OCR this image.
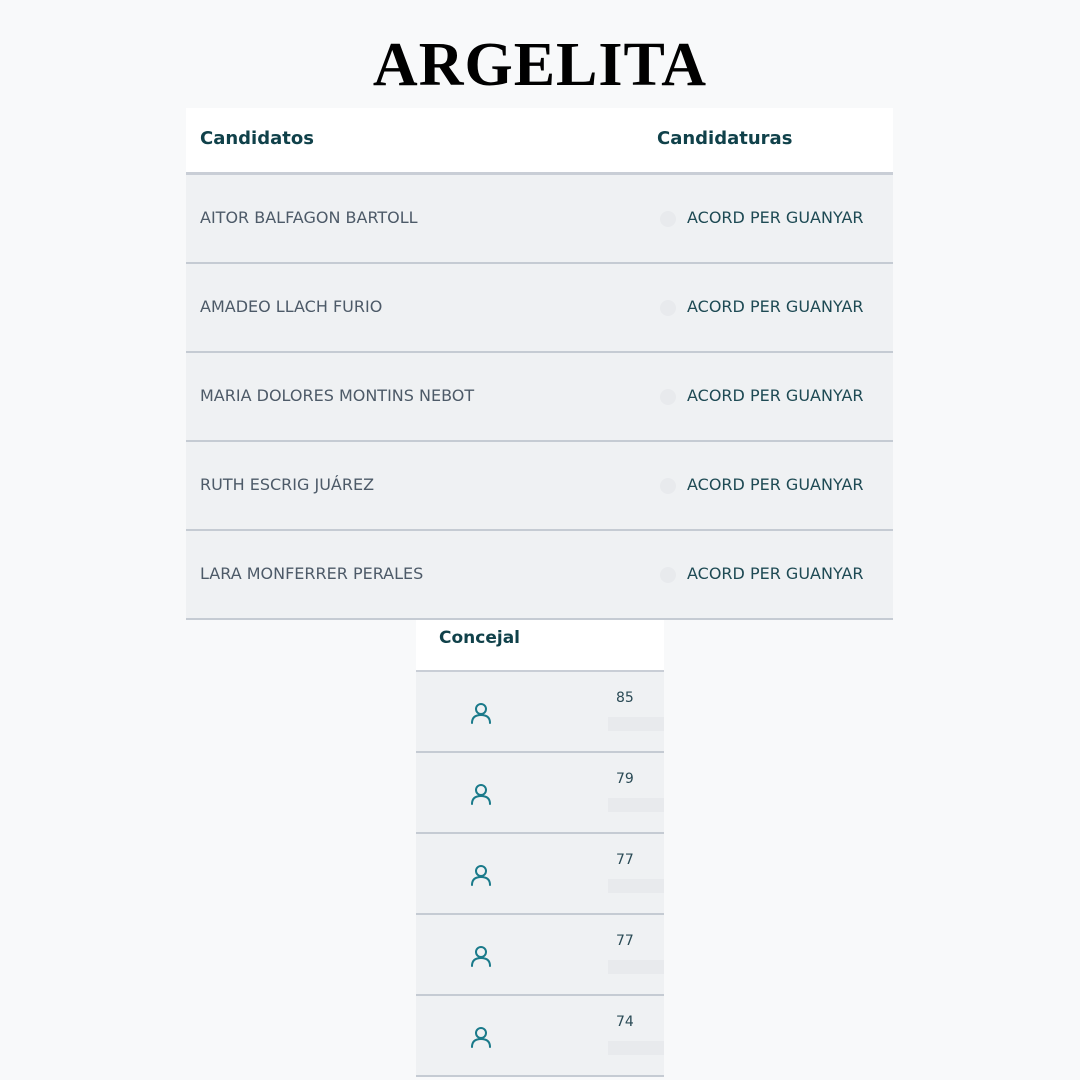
ARGELITA
Candidatos	Candidaturas
AITOR BALFAGON BARTOLL	ACORD PER GUANYAR
AMADEO LLACH FURIO	ACORD PER GUANYAR
MARIA DOLORES MONTINS NEBOT	ACORD PER GUANYAR
RUTH ESCRIG JUÁREZ	ACORD PER GUANYAR
LARA MONFERRER PERALES	ACORD PER GUANYAR
Concejal
85
79
77
77
74
